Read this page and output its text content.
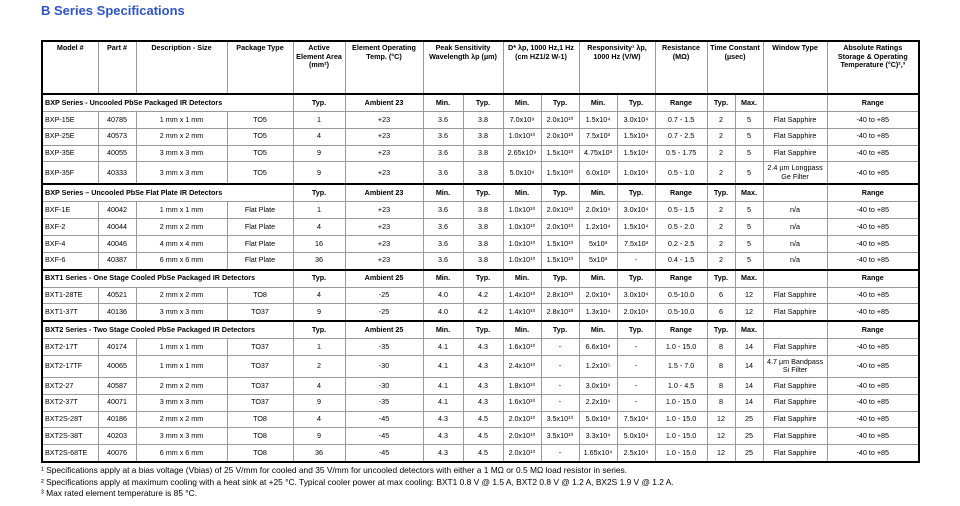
B Series Specifications
Model #	Part #	Description - Size	Package Type	Active Element Area (mm²)	Element Operating Temp. (°C)	Peak Sensitivity Wavelength λp (µm)		D* λp, 1000 Hz,1 Hz (cm HZ1/2 W-1)		Responsivity¹ λp, 1000 Hz (V/W)		Resistance (MΩ)	Time Constant (µsec)		Window Type	Absolute Ratings Storage & Operating Temperature (°C)²,³
BXP Series - Uncooled PbSe Packaged IR Detectors				Typ.	Ambient 23	Min.	Typ.	Min.	Typ.	Min.	Typ.	Range	Typ.	Max.		Range
BXP-15E	40785	1 mm x 1 mm	TO5	1	+23	3.6	3.8	7.0x10⁹	2.0x10¹⁰	1.5x10⁴	3.0x10⁴	0.7 - 1.5	2	5	Flat Sapphire	-40 to +85
BXP-25E	40573	2 mm x 2 mm	TO5	4	+23	3.6	3.8	1.0x10¹⁰	2.0x10¹⁰	7.5x10³	1.5x10⁴	0.7 - 2.5	2	5	Flat Sapphire	-40 to +85
BXP-35E	40055	3 mm x 3 mm	TO5	9	+23	3.6	3.8	2.65x10⁹	1.5x10¹⁰	4.75x10³	1.5x10⁴	0.5 - 1.75	2	5	Flat Sapphire	-40 to +85
BXP-35F	40333	3 mm x 3 mm	TO5	9	+23	3.6	3.8	5.0x10⁹	1.5x10¹⁰	6.0x10³	1.0x10⁴	0.5 - 1.0	2	5	2.4 µm Longpass Ge Filter	-40 to +85
BXP Series – Uncooled PbSe Flat Plate IR Detectors				Typ.	Ambient 23	Min.	Typ.	Min.	Typ.	Min.	Typ.	Range	Typ.	Max.		Range
BXF-1E	40042	1 mm x 1 mm	Flat Plate	1	+23	3.6	3.8	1.0x10¹⁰	2.0x10¹⁰	2.0x10⁴	3.0x10⁴	0.5 - 1.5	2	5	n/a	-40 to +85
BXF-2	40044	2 mm x 2 mm	Flat Plate	4	+23	3.6	3.8	1.0x10¹⁰	2.0x10¹⁰	1.2x10⁴	1.5x10⁴	0.5 - 2.0	2	5	n/a	-40 to +85
BXF-4	40046	4 mm x 4 mm	Flat Plate	16	+23	3.6	3.8	1.0x10¹⁰	1.5x10¹⁰	5x10³	7.5x10³	0.2 - 2.5	2	5	n/a	-40 to +85
BXF-6	40387	6 mm x 6 mm	Flat Plate	36	+23	3.6	3.8	1.0x10¹⁰	1.5x10¹⁰	5x10³	-	0.4 - 1.5	2	5	n/a	-40 to +85
BXT1 Series - One Stage Cooled PbSe Packaged IR Detectors				Typ.	Ambient 25	Min.	Typ.	Min.	Typ.	Min.	Typ.	Range	Typ.	Max.		Range
BXT1-28TE	40521	2 mm x 2 mm	TO8	4	-25	4.0	4.2	1.4x10¹⁰	2.8x10¹⁰	2.0x10⁴	3.0x10⁴	0.5-10.0	6	12	Flat Sapphire	-40 to +85
BXT1-37T	40136	3 mm x 3 mm	TO37	9	-25	4.0	4.2	1.4x10¹⁰	2.8x10¹⁰	1.3x10⁴	2.0x10⁴	0.5-10.0	6	12	Flat Sapphire	-40 to +85
BXT2 Series - Two Stage Cooled PbSe Packaged IR Detectors				Typ.	Ambient 25	Min.	Typ.	Min.	Typ.	Min.	Typ.	Range	Typ.	Max.		Range
BXT2-17T	40174	1 mm x 1 mm	TO37	1	-35	4.1	4.3	1.6x10¹⁰	-	6.6x10⁴	-	1.0 - 15.0	8	14	Flat Sapphire	-40 to +85
BXT2-17TF	40065	1 mm x 1 mm	TO37	2	-30	4.1	4.3	2.4x10¹⁰	-	1.2x10⁵	-	1.5 - 7.0	8	14	4.7 µm Bandpass Si Filter	-40 to +85
BXT2-27	40587	2 mm x 2 mm	TO37	4	-30	4.1	4.3	1.8x10¹⁰	-	3.0x10⁴	-	1.0 - 4.5	8	14	Flat Sapphire	-40 to +85
BXT2-37T	40071	3 mm x 3 mm	TO37	9	-35	4.1	4.3	1.6x10¹⁰	-	2.2x10⁴	-	1.0 - 15.0	8	14	Flat Sapphire	-40 to +85
BXT2S-28T	40186	2 mm x 2 mm	TO8	4	-45	4.3	4.5	2.0x10¹⁰	3.5x10¹⁰	5.0x10⁴	7.5x10⁴	1.0 - 15.0	12	25	Flat Sapphire	-40 to +85
BXT2S-38T	40203	3 mm x 3 mm	TO8	9	-45	4.3	4.5	2.0x10¹⁰	3.5x10¹⁰	3.3x10⁴	5.0x10⁴	1.0 - 15.0	12	25	Flat Sapphire	-40 to +85
BXT2S-68TE	40076	6 mm x 6 mm	TO8	36	-45	4.3	4.5	2.0x10¹⁰	-	1.65x10⁴	2.5x10⁴	1.0 - 15.0	12	25	Flat Sapphire	-40 to +85
¹ Specifications apply at a bias voltage (Vbias) of 25 V/mm for cooled and 35 V/mm for uncooled detectors with either a 1 MΩ or 0.5 MΩ load resistor in series.
² Specifications apply at maximum cooling with a heat sink at +25 °C. Typical cooler power at max cooling: BXT1 0.8 V @ 1.5 A, BXT2 0.8 V @ 1.2 A, BX2S 1.9 V @ 1.2 A.
³ Max rated element temperature is 85 °C.
